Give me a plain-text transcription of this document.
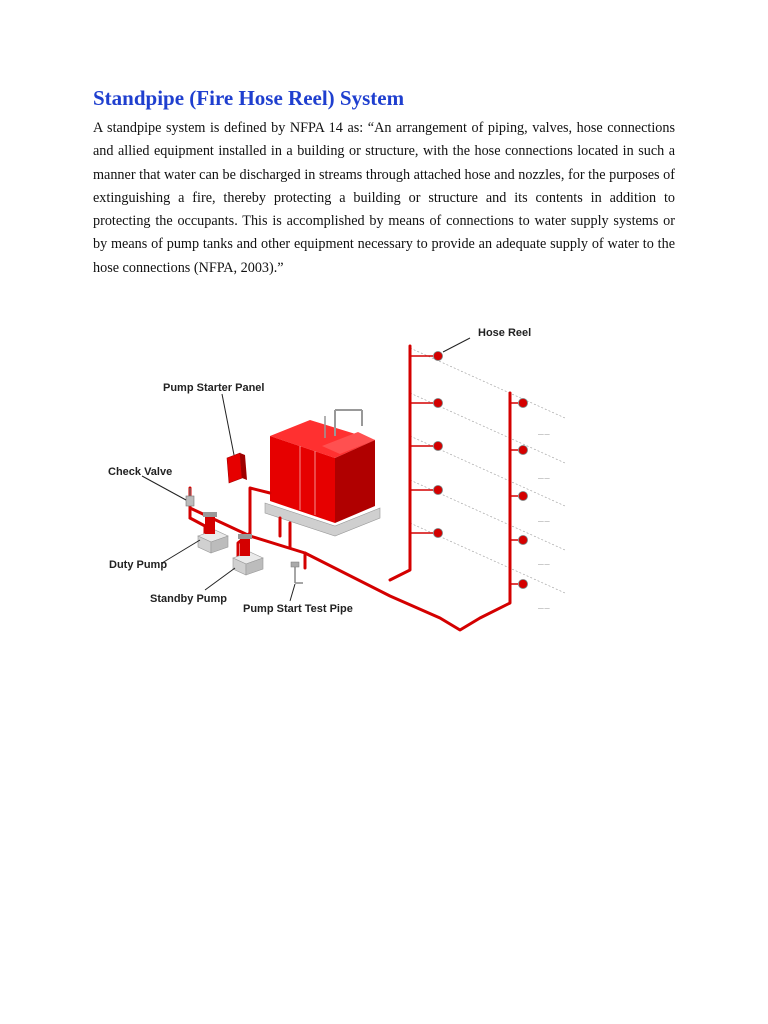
Standpipe (Fire Hose Reel) System

A standpipe system is defined by NFPA 14 as: “An arrangement of piping, valves, hose connections and allied equipment installed in a building or structure, with the hose connections located in such a manner that water can be discharged in streams through attached hose and nozzles, for the purposes of extinguishing a fire, thereby protecting a building or structure and its contents in addition to protecting the occupants. This is accomplished by means of connections to water supply systems or by means of pump tanks and other equipment necessary to provide an adequate supply of water to the hose connections (NFPA, 2003).”

—·—
—·—
—·—
—·—
—·—
Hose Reel
Pump Starter Panel
Check Valve
Duty Pump
Standby Pump
Pump Start Test Pipe
